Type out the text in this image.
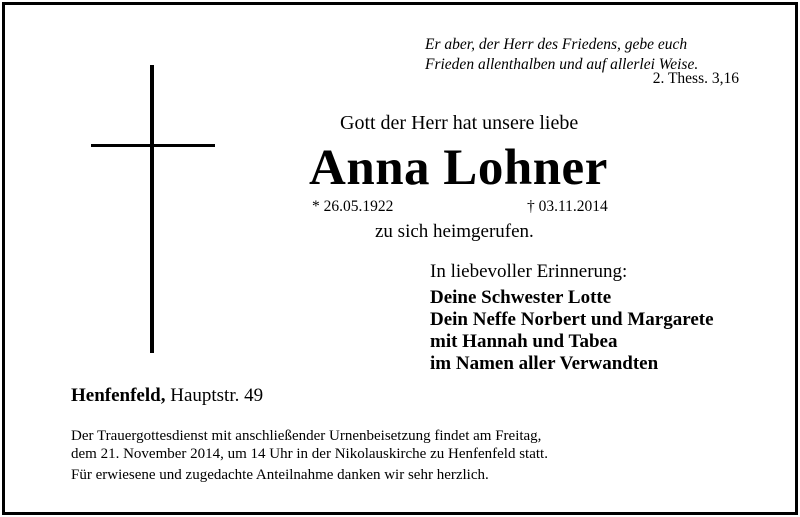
Er aber, der Herr des Friedens, gebe euch
Frieden allenthalben und auf allerlei Weise.
2. Thess. 3,16
Gott der Herr hat unsere liebe
Anna Lohner
* 26.05.1922	† 03.11.2014
zu sich heimgerufen.
In liebevoller Erinnerung:
Deine Schwester Lotte
Dein Neffe Norbert und Margarete
mit Hannah und Tabea
im Namen aller Verwandten
Henfenfeld, Hauptstr. 49
Der Trauergottesdienst mit anschließender Urnenbeisetzung findet am Freitag,
dem 21. November 2014, um 14 Uhr in der Nikolauskirche zu Henfenfeld statt.
Für erwiesene und zugedachte Anteilnahme danken wir sehr herzlich.
